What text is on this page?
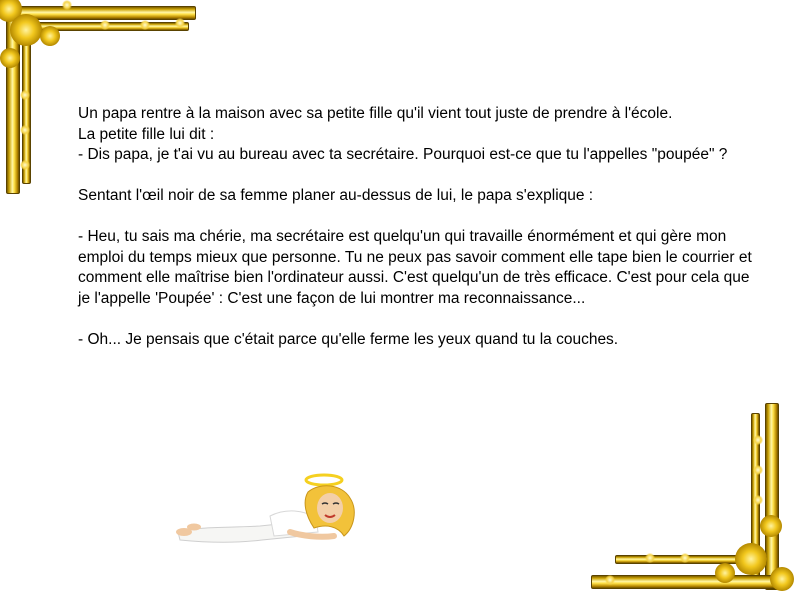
Un papa rentre à la maison avec sa petite fille qu'il vient tout juste de prendre à l'école.
La petite fille lui dit :
- Dis papa, je t'ai vu au bureau avec ta secrétaire. Pourquoi est-ce que tu l'appelles "poupée" ?

Sentant l'œil noir de sa femme planer au-dessus de lui, le papa s'explique :

- Heu, tu sais ma chérie, ma secrétaire est quelqu'un qui travaille énormément et qui gère mon emploi du temps mieux que personne. Tu ne peux pas savoir comment elle tape bien le courrier et comment elle maîtrise bien l'ordinateur aussi. C'est quelqu'un de très efficace. C'est pour cela que je l'appelle 'Poupée' : C'est une façon de lui montrer ma reconnaissance...

- Oh... Je pensais que c'était parce qu'elle ferme les yeux quand tu la couches.
